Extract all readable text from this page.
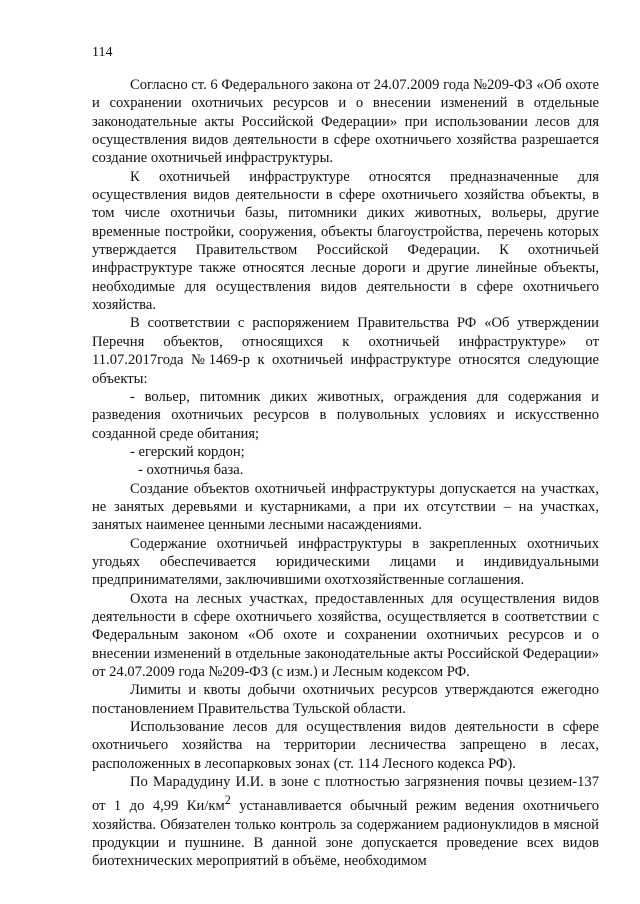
114

Согласно ст. 6 Федерального закона от 24.07.2009 года №209-ФЗ «Об охоте и сохранении охотничьих ресурсов и о внесении изменений в отдельные законодательные акты Российской Федерации» при использовании лесов для осуществления видов деятельности в сфере охотничьего хозяйства разрешается создание охотничьей инфраструктуры.

К охотничьей инфраструктуре относятся предназначенные для осуществления видов деятельности в сфере охотничьего хозяйства объекты, в том числе охотничьи базы, питомники диких животных, вольеры, другие временные постройки, сооружения, объекты благоустройства, перечень которых утверждается Правительством Российской Федерации. К охотничьей инфраструктуре также относятся лесные дороги и другие линейные объекты, необходимые для осуществления видов деятельности в сфере охотничьего хозяйства.

В соответствии с распоряжением Правительства РФ «Об утверждении Перечня объектов, относящихся к охотничьей инфраструктуре» от 11.07.2017года №1469-р к охотничьей инфраструктуре относятся следующие объекты:

- вольер, питомник диких животных, ограждения для содержания и разведения охотничьих ресурсов в полувольных условиях и искусственно созданной среде обитания;

- егерский кордон;

- охотничья база.

Создание объектов охотничьей инфраструктуры допускается на участках, не занятых деревьями и кустарниками, а при их отсутствии – на участках, занятых наименее ценными лесными насаждениями.

Содержание охотничьей инфраструктуры в закрепленных охотничьих угодьях обеспечивается юридическими лицами и индивидуальными предпринимателями, заключившими охотхозяйственные соглашения.

Охота на лесных участках, предоставленных для осуществления видов деятельности в сфере охотничьего хозяйства, осуществляется в соответствии с Федеральным законом «Об охоте и сохранении охотничьих ресурсов и о внесении изменений в отдельные законодательные акты Российской Федерации» от 24.07.2009 года №209-ФЗ (с изм.) и Лесным кодексом РФ.

Лимиты и квоты добычи охотничьих ресурсов утверждаются ежегодно постановлением Правительства Тульской области.

Использование лесов для осуществления видов деятельности в сфере охотничьего хозяйства на территории лесничества запрещено в лесах, расположенных в лесопарковых зонах (ст. 114 Лесного кодекса РФ).

По Марадудину И.И. в зоне с плотностью загрязнения почвы цезием-137 от 1 до 4,99 $Ки/км^2$ устанавливается обычный режим ведения охотничьего хозяйства. Обязателен только контроль за содержанием радионуклидов в мясной продукции и пушнине. В данной зоне допускается проведение всех видов биотехнических мероприятий в объёме, необходимом
